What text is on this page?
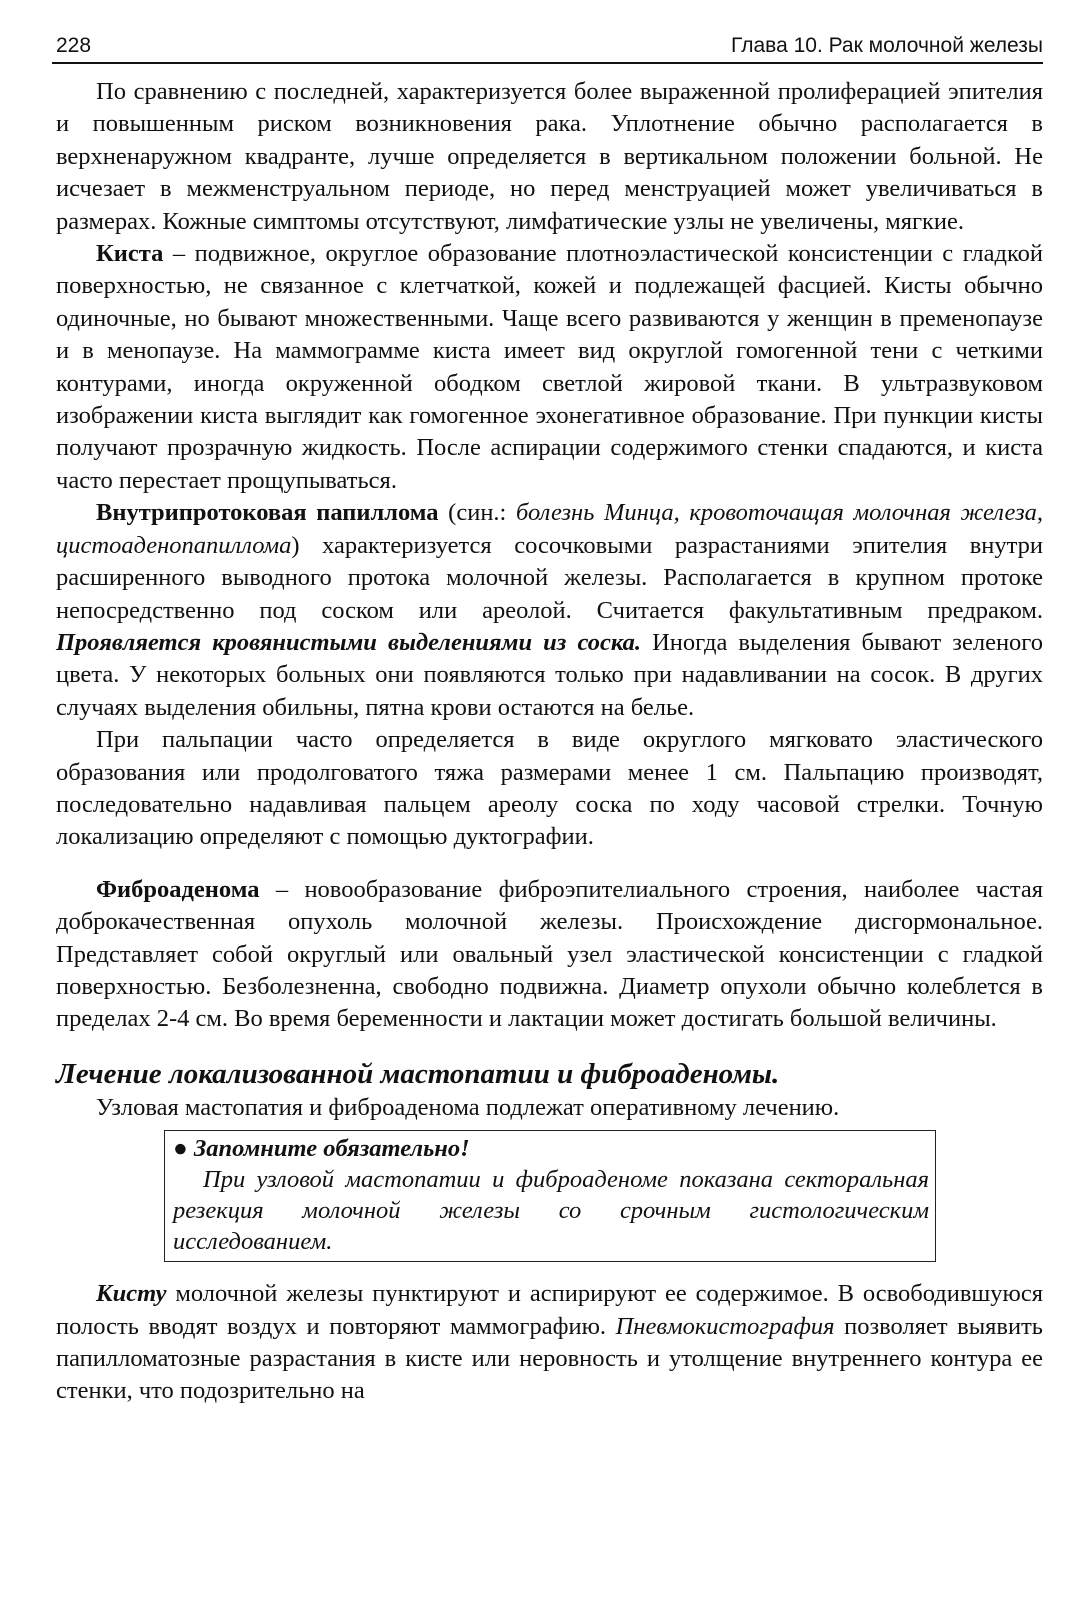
228	Глава 10. Рак молочной железы

По сравнению с последней, характеризуется более выраженной пролиферацией эпителия и повышенным риском возникновения рака. Уплотнение обычно располагается в верхненаружном квадранте, лучше определяется в вертикальном положении больной. Не исчезает в межменструальном периоде, но перед менструацией может увеличиваться в размерах. Кожные симптомы отсутствуют, лимфатические узлы не увеличены, мягкие.

Киста – подвижное, округлое образование плотноэластической консистенции с гладкой поверхностью, не связанное с клетчаткой, кожей и подлежащей фасцией. Кисты обычно одиночные, но бывают множественными. Чаще всего развиваются у женщин в пременопаузе и в менопаузе. На маммограмме киста имеет вид округлой гомогенной тени с четкими контурами, иногда окруженной ободком светлой жировой ткани. В ультразвуковом изображении киста выглядит как гомогенное эхонегативное образование. При пункции кисты получают прозрачную жидкость. После аспирации содержимого стенки спадаются, и киста часто перестает прощупываться.

Внутрипротоковая папиллома (син.: болезнь Минца, кровоточащая молочная железа, цистоаденопапиллома) характеризуется сосочковыми разрастаниями эпителия внутри расширенного выводного протока молочной железы. Располагается в крупном протоке непосредственно под соском или ареолой. Считается факультативным предраком. Проявляется кровянистыми выделениями из соска. Иногда выделения бывают зеленого цвета. У некоторых больных они появляются только при надавливании на сосок. В других случаях выделения обильны, пятна крови остаются на белье.

При пальпации часто определяется в виде округлого мягковато эластического образования или продолговатого тяжа размерами менее 1 см. Пальпацию производят, последовательно надавливая пальцем ареолу соска по ходу часовой стрелки. Точную локализацию определяют с помощью дуктографии.

Фиброаденома – новообразование фиброэпителиального строения, наиболее частая доброкачественная опухоль молочной железы. Происхождение дисгормональное. Представляет собой округлый или овальный узел эластической консистенции с гладкой поверхностью. Безболезненна, свободно подвижна. Диаметр опухоли обычно колеблется в пределах 2-4 см. Во время беременности и лактации может достигать большой величины.

Лечение локализованной мастопатии и фиброаденомы.

Узловая мастопатия и фиброаденома подлежат оперативному лечению.

● Запомните обязательно!
При узловой мастопатии и фиброаденоме показана секторальная резекция молочной железы со срочным гистологическим исследованием.

Кисту молочной железы пунктируют и аспирируют ее содержимое. В освободившуюся полость вводят воздух и повторяют маммографию. Пневмокистография позволяет выявить папилломатозные разрастания в кисте или неровность и утолщение внутреннего контура ее стенки, что подозрительно на
